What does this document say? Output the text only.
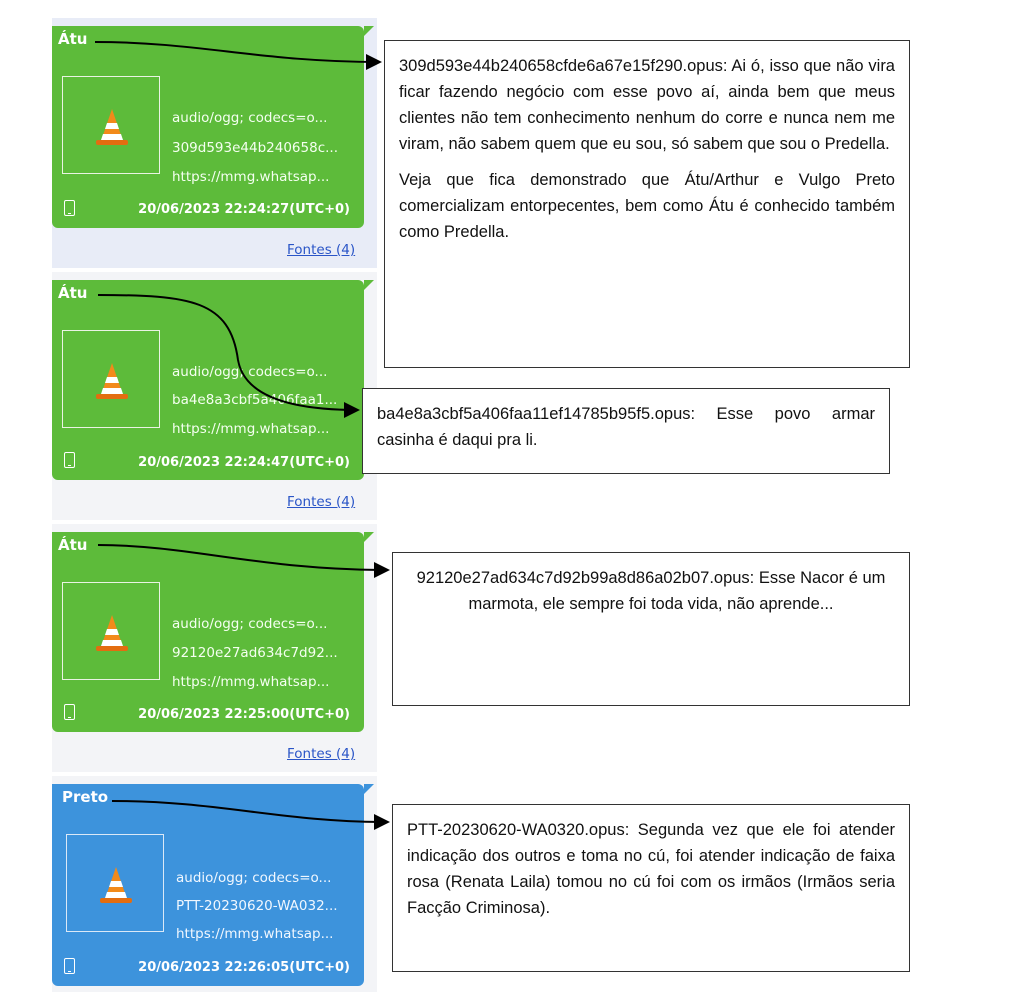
Átu
audio/ogg; codecs=o...
309d593e44b240658c...
https://mmg.whatsap...
20/06/2023 22:24:27(UTC+0)
Fontes (4)
Átu
audio/ogg; codecs=o...
ba4e8a3cbf5a406faa1...
https://mmg.whatsap...
20/06/2023 22:24:47(UTC+0)
Fontes (4)
Átu
audio/ogg; codecs=o...
92120e27ad634c7d92...
https://mmg.whatsap...
20/06/2023 22:25:00(UTC+0)
Fontes (4)
Preto
audio/ogg; codecs=o...
PTT-20230620-WA032...
https://mmg.whatsap...
20/06/2023 22:26:05(UTC+0)

309d593e44b240658cfde6a67e15f290.opus: Ai ó, isso que não vira ficar fazendo negócio com esse povo aí, ainda bem que meus clientes não tem conhecimento nenhum do corre e nunca nem me viram, não sabem quem que eu sou, só sabem que sou o Predella.

Veja que fica demonstrado que Átu/Arthur e Vulgo Preto comercializam entorpecentes, bem como Átu é conhecido também como Predella.

ba4e8a3cbf5a406faa11ef14785b95f5.opus: Esse povo armar casinha é daqui pra li.

92120e27ad634c7d92b99a8d86a02b07.opus: Esse Nacor é um marmota, ele sempre foi toda vida, não aprende...

PTT-20230620-WA0320.opus: Segunda vez que ele foi atender indicação dos outros e toma no cú, foi atender indicação de faixa rosa (Renata Laila) tomou no cú foi com os irmãos (Irmãos seria Facção Criminosa).
